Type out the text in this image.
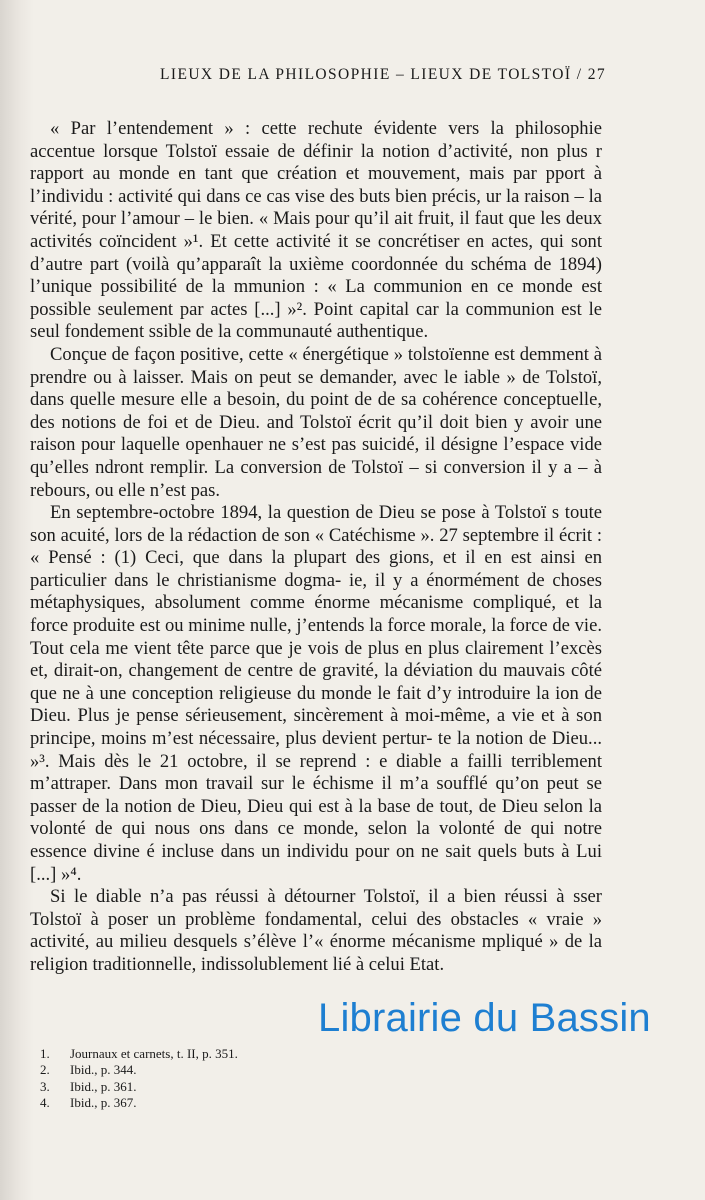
LIEUX DE LA PHILOSOPHIE – LIEUX DE TOLSTOÏ / 27

« Par l’entendement » : cette rechute évidente vers la philosophie accentue lorsque Tolstoï essaie de définir la notion d’activité, non plus r rapport au monde en tant que création et mouvement, mais par pport à l’individu : activité qui dans ce cas vise des buts bien précis, ur la raison – la vérité, pour l’amour – le bien. « Mais pour qu’il ait fruit, il faut que les deux activités coïncident »¹. Et cette activité it se concrétiser en actes, qui sont d’autre part (voilà qu’apparaît la uxième coordonnée du schéma de 1894) l’unique possibilité de la mmunion : « La communion en ce monde est possible seulement par actes [...] »². Point capital car la communion est le seul fondement ssible de la communauté authentique.

Conçue de façon positive, cette « énergétique » tolstoïenne est demment à prendre ou à laisser. Mais on peut se demander, avec le iable » de Tolstoï, dans quelle mesure elle a besoin, du point de de sa cohérence conceptuelle, des notions de foi et de Dieu. and Tolstoï écrit qu’il doit bien y avoir une raison pour laquelle openhauer ne s’est pas suicidé, il désigne l’espace vide qu’elles ndront remplir. La conversion de Tolstoï – si conversion il y a – à rebours, ou elle n’est pas.

En septembre-octobre 1894, la question de Dieu se pose à Tolstoï s toute son acuité, lors de la rédaction de son « Catéchisme ». 27 septembre il écrit : « Pensé : (1) Ceci, que dans la plupart des gions, et il en est ainsi en particulier dans le christianisme dogma- ie, il y a énormément de choses métaphysiques, absolument comme énorme mécanisme compliqué, et la force produite est ou minime nulle, j’entends la force morale, la force de vie. Tout cela me vient tête parce que je vois de plus en plus clairement l’excès et, dirait-on, changement de centre de gravité, la déviation du mauvais côté que ne à une conception religieuse du monde le fait d’y introduire la ion de Dieu. Plus je pense sérieusement, sincèrement à moi-même, a vie et à son principe, moins m’est nécessaire, plus devient pertur- te la notion de Dieu... »³. Mais dès le 21 octobre, il se reprend : e diable a failli terriblement m’attraper. Dans mon travail sur le échisme il m’a soufflé qu’on peut se passer de la notion de Dieu, Dieu qui est à la base de tout, de Dieu selon la volonté de qui nous ons dans ce monde, selon la volonté de qui notre essence divine é incluse dans un individu pour on ne sait quels buts à Lui [...] »⁴.

Si le diable n’a pas réussi à détourner Tolstoï, il a bien réussi à sser Tolstoï à poser un problème fondamental, celui des obstacles « vraie » activité, au milieu desquels s’élève l’« énorme mécanisme mpliqué » de la religion traditionnelle, indissolublement lié à celui Etat.

Librairie du Bassin
1.	Journaux et carnets, t. II, p. 351.
2.	Ibid., p. 344.
3.	Ibid., p. 361.
4.	Ibid., p. 367.
